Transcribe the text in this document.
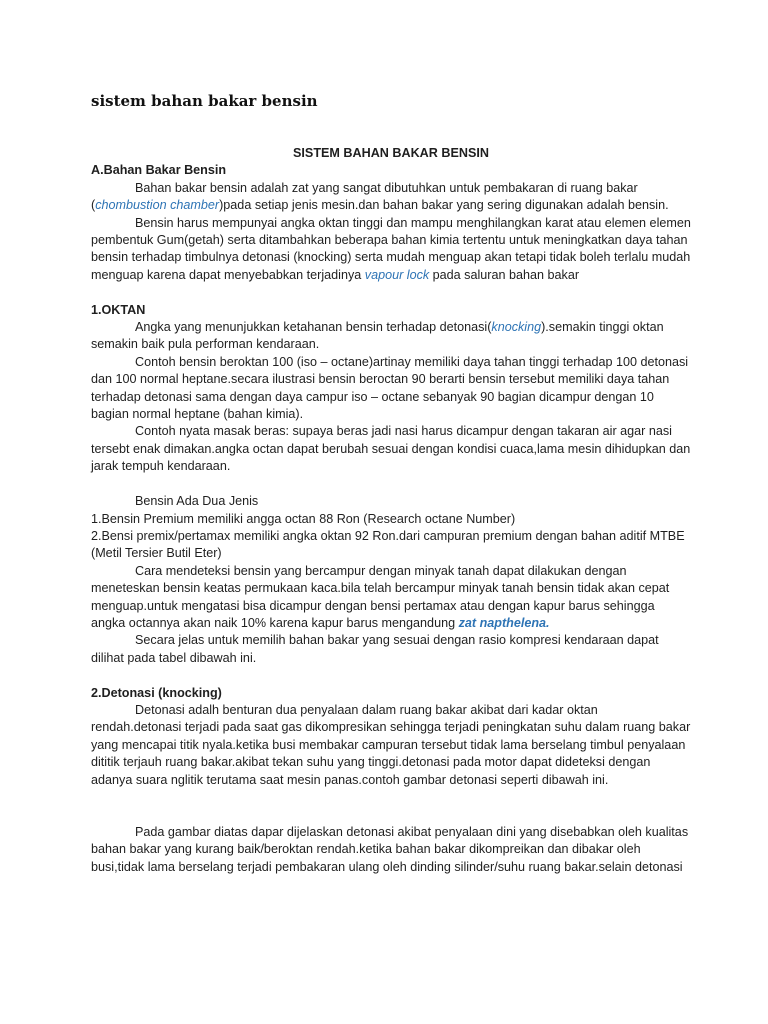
sistem bahan bakar bensin
SISTEM BAHAN BAKAR BENSIN
A.Bahan Bakar Bensin

Bahan bakar bensin adalah zat yang sangat dibutuhkan untuk pembakaran di ruang bakar (chombustion chamber)pada setiap jenis mesin.dan bahan bakar yang sering digunakan adalah bensin.

Bensin harus mempunyai angka oktan tinggi dan mampu menghilangkan karat atau elemen elemen pembentuk Gum(getah) serta ditambahkan beberapa bahan kimia tertentu untuk meningkatkan daya tahan bensin terhadap timbulnya detonasi (knocking) serta mudah menguap akan tetapi tidak boleh terlalu mudah menguap karena dapat menyebabkan terjadinya vapour lock pada saluran bahan bakar

1.OKTAN

Angka yang menunjukkan ketahanan bensin terhadap detonasi(knocking).semakin tinggi oktan semakin baik pula performan kendaraan.

Contoh bensin beroktan 100 (iso – octane)artinay memiliki daya tahan tinggi terhadap 100 detonasi dan 100 normal heptane.secara ilustrasi bensin beroctan 90 berarti bensin tersebut memiliki daya tahan terhadap detonasi sama dengan daya campur iso – octane sebanyak 90 bagian dicampur dengan 10 bagian normal heptane (bahan kimia).

Contoh nyata masak beras: supaya beras jadi nasi harus dicampur dengan takaran air agar nasi tersebt enak dimakan.angka octan dapat berubah sesuai dengan kondisi cuaca,lama mesin dihidupkan dan jarak tempuh kendaraan.

Bensin Ada Dua Jenis

1.Bensin Premium memiliki angga octan 88 Ron (Research octane Number)

2.Bensi premix/pertamax memiliki angka oktan 92 Ron.dari campuran premium dengan bahan aditif MTBE (Metil Tersier Butil Eter)

Cara mendeteksi bensin yang bercampur dengan minyak tanah dapat dilakukan dengan meneteskan bensin keatas permukaan kaca.bila telah bercampur minyak tanah bensin tidak akan cepat menguap.untuk mengatasi bisa dicampur dengan bensi pertamax atau dengan kapur barus sehingga angka octannya akan naik 10% karena kapur barus mengandung zat napthelena.

Secara jelas untuk memilih bahan bakar yang sesuai dengan rasio kompresi kendaraan dapat dilihat pada tabel dibawah ini.

2.Detonasi (knocking)

Detonasi adalh benturan dua penyalaan dalam ruang bakar akibat dari kadar oktan rendah.detonasi terjadi pada saat gas dikompresikan sehingga terjadi peningkatan suhu dalam ruang bakar yang mencapai titik nyala.ketika busi membakar campuran tersebut tidak lama berselang timbul penyalaan dititik terjauh ruang bakar.akibat tekan suhu yang tinggi.detonasi pada motor dapat dideteksi dengan adanya suara nglitik terutama saat mesin panas.contoh gambar detonasi seperti dibawah ini.

Pada gambar diatas dapar dijelaskan detonasi akibat penyalaan dini yang disebabkan oleh kualitas bahan bakar yang kurang baik/beroktan rendah.ketika bahan bakar dikompreikan dan dibakar oleh busi,tidak lama berselang terjadi pembakaran ulang oleh dinding silinder/suhu ruang bakar.selain detonasi
